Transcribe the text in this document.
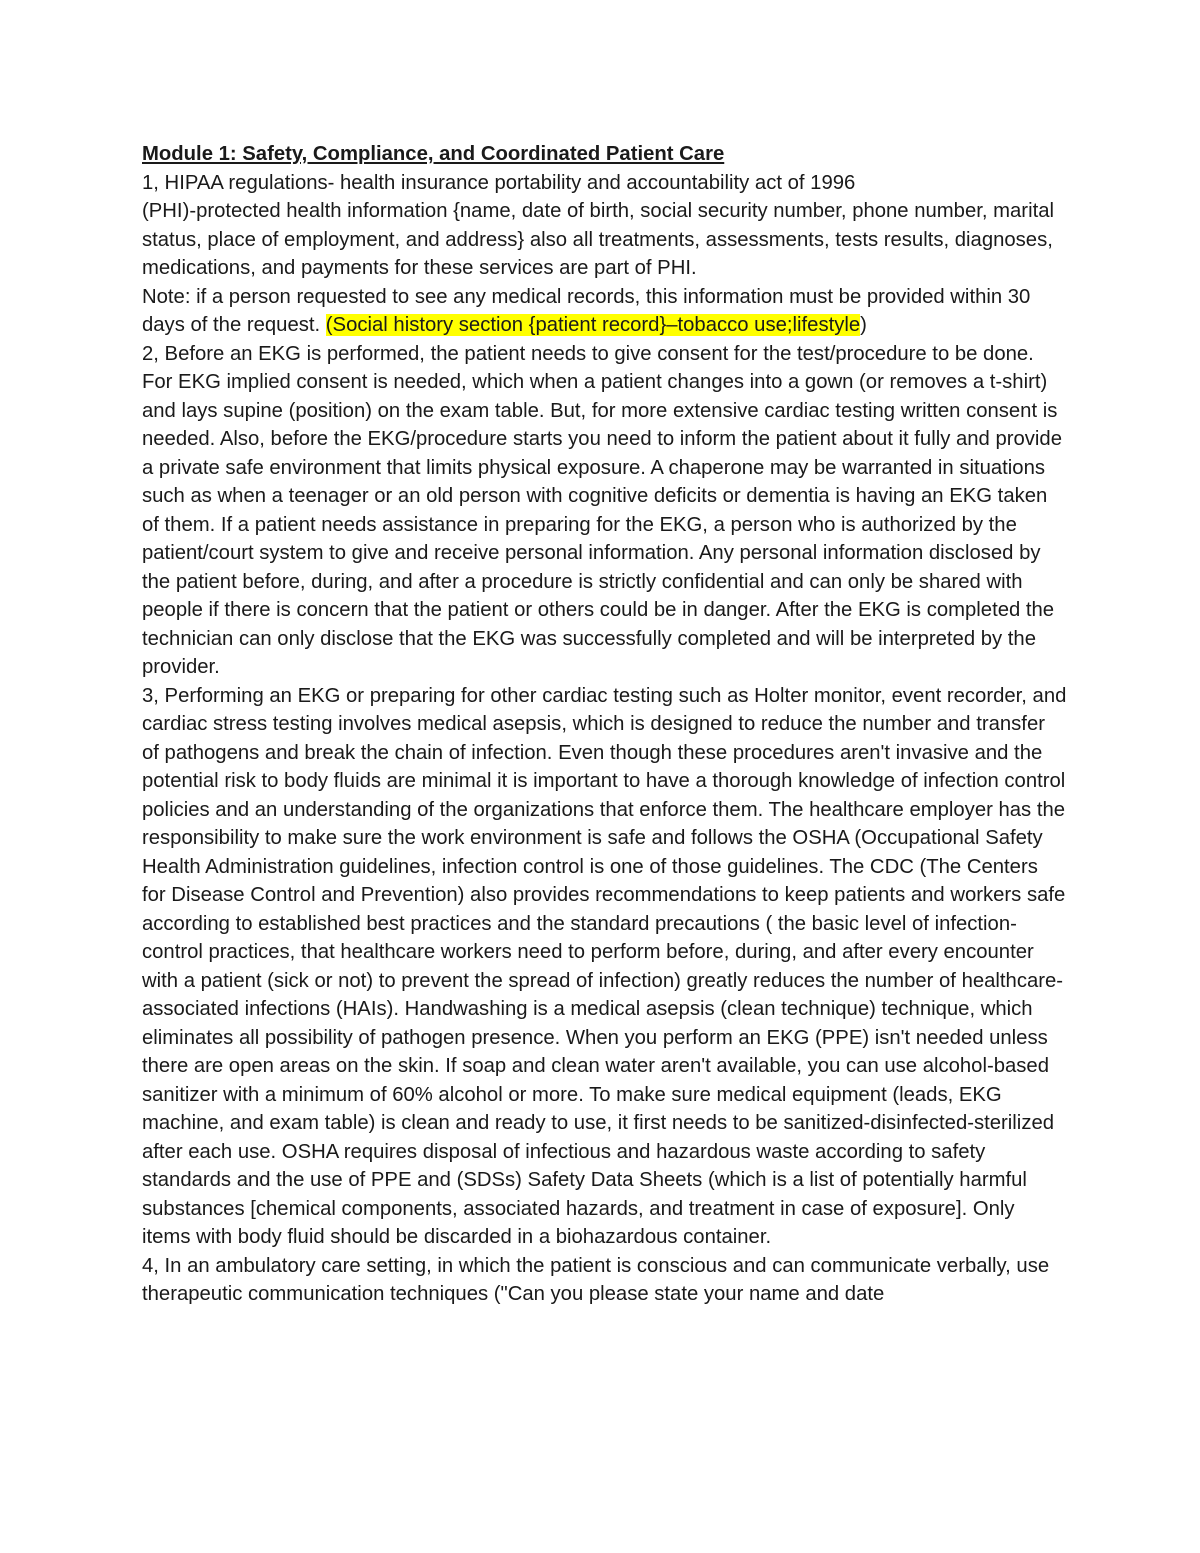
Module 1: Safety, Compliance, and Coordinated Patient Care

1, HIPAA regulations- health insurance portability and accountability act of 1996

(PHI)-protected health information {name, date of birth, social security number, phone number, marital status, place of employment, and address} also all treatments, assessments, tests results, diagnoses, medications, and payments for these services are part of PHI.

Note: if a person requested to see any medical records, this information must be provided within 30 days of the request. (Social history section {patient record}–tobacco use;lifestyle)

2, Before an EKG is performed, the patient needs to give consent for the test/procedure to be done. For EKG implied consent is needed, which when a patient changes into a gown (or removes a t-shirt) and lays supine (position) on the exam table. But, for more extensive cardiac testing written consent is needed. Also, before the EKG/procedure starts you need to inform the patient about it fully and provide a private safe environment that limits physical exposure. A chaperone may be warranted in situations such as when a teenager or an old person with cognitive deficits or dementia is having an EKG taken of them. If a patient needs assistance in preparing for the EKG, a person who is authorized by the patient/court system to give and receive personal information. Any personal information disclosed by the patient before, during, and after a procedure is strictly confidential and can only be shared with people if there is concern that the patient or others could be in danger. After the EKG is completed the technician can only disclose that the EKG was successfully completed and will be interpreted by the provider.

3, Performing an EKG or preparing for other cardiac testing such as Holter monitor, event recorder, and cardiac stress testing involves medical asepsis, which is designed to reduce the number and transfer of pathogens and break the chain of infection. Even though these procedures aren't invasive and the potential risk to body fluids are minimal it is important to have a thorough knowledge of infection control policies and an understanding of the organizations that enforce them. The healthcare employer has the responsibility to make sure the work environment is safe and follows the OSHA (Occupational Safety Health Administration guidelines, infection control is one of those guidelines. The CDC (The Centers for Disease Control and Prevention) also provides recommendations to keep patients and workers safe according to established best practices and the standard precautions ( the basic level of infection-control practices, that healthcare workers need to perform before, during, and after every encounter with a patient (sick or not) to prevent the spread of infection) greatly reduces the number of healthcare-associated infections (HAIs). Handwashing is a medical asepsis (clean technique) technique, which eliminates all possibility of pathogen presence. When you perform an EKG (PPE) isn't needed unless there are open areas on the skin. If soap and clean water aren't available, you can use alcohol-based sanitizer with a minimum of 60% alcohol or more. To make sure medical equipment (leads, EKG machine, and exam table) is clean and ready to use, it first needs to be sanitized-disinfected-sterilized after each use. OSHA requires disposal of infectious and hazardous waste according to safety standards and the use of PPE and (SDSs) Safety Data Sheets (which is a list of potentially harmful substances [chemical components, associated hazards, and treatment in case of exposure]. Only items with body fluid should be discarded in a biohazardous container.

4, In an ambulatory care setting, in which the patient is conscious and can communicate verbally, use therapeutic communication techniques ("Can you please state your name and date
